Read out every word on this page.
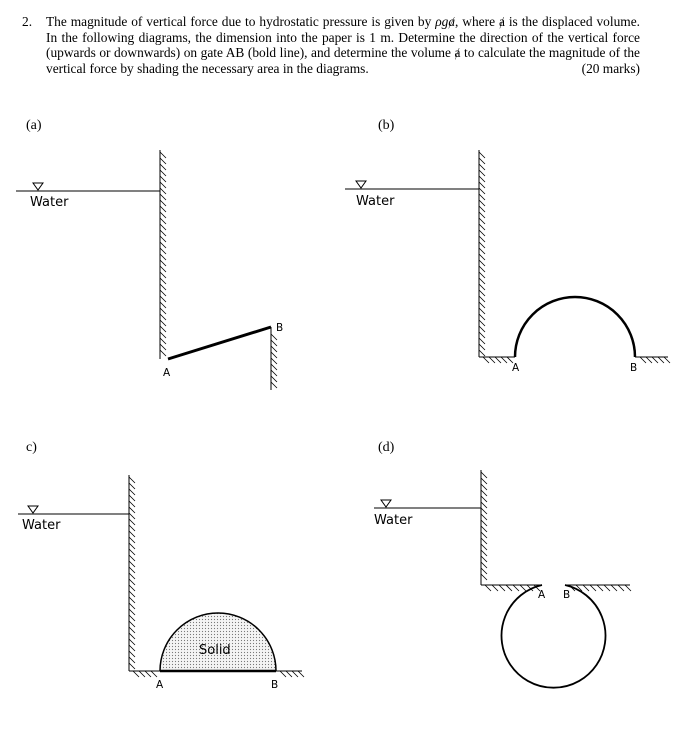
2. The magnitude of vertical force due to hydrostatic pressure is given by ρgⱥ, where ⱥ is the displaced volume. In the following diagrams, the dimension into the paper is 1 m. Determine the direction of the vertical force (upwards or downwards) on gate AB (bold line), and determine the volume ⱥ to calculate the magnitude of the vertical force by shading the necessary area in the diagrams.	(20 marks)
(a)	(b)
c)	(d)
Water
A
B
Water
A	B
Water
Solid
A	B
Water
A B
